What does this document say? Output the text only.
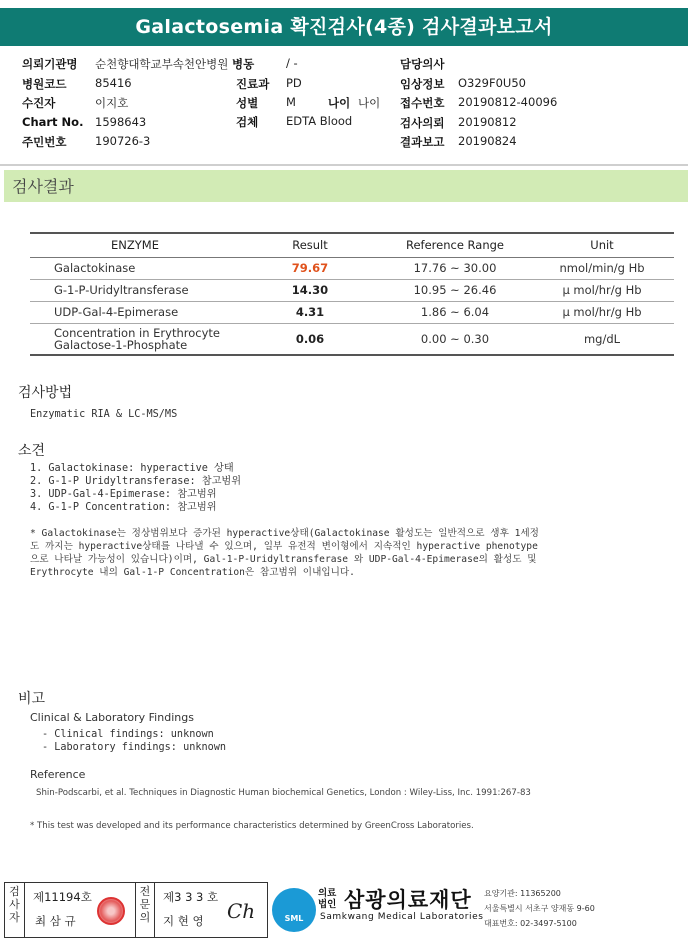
Galactosemia 확진검사(4종) 검사결과보고서
의뢰기관명 순천향대학교부속천안병원 병동	/ -	담당의사
병원코드 85416	진료과 PD	임상정보 O329F0U50
수진자	이지호	성별 M	나이 나이 접수번호 20190812-40096
Chart No. 1598643	검체 EDTA Blood	검사의뢰 20190812
주민번호 190726-3	결과보고 20190824
검사결과
ENZYME	Result	Reference Range	Unit
Galactokinase	79.67	17.76 ~ 30.00	nmol/min/g Hb
G-1-P-Uridyltransferase	14.30	10.95 ~ 26.46	μ mol/hr/g Hb
UDP-Gal-4-Epimerase	4.31	1.86 ~ 6.04	μ mol/hr/g Hb

Concentration in Erythrocyte
Galactose-1-Phosphate	0.06	0.00 ~ 0.30	mg/dL
검사방법
Enzymatic RIA & LC-MS/MS
소견
1. Galactokinase: hyperactive 상태
2. G-1-P Uridyltransferase: 참고범위
3. UDP-Gal-4-Epimerase: 참고범위
4. G-1-P Concentration: 참고범위
* Galactokinase는 정상범위보다 증가된 hyperactive상태(Galactokinase 활성도는 일반적으로 생후 1세정
도 까지는 hyperactive상태를 나타낼 수 있으며, 일부 유전적 변이형에서 지속적인 hyperactive phenotype
으로 나타날 가능성이 있습니다)이며, Gal-1-P-Uridyltransferase 와 UDP-Gal-4-Epimerase의 활성도 및
Erythrocyte 내의 Gal-1-P Concentration은 참고범위 이내입니다.
비고
Clinical & Laboratory Findings
- Clinical findings: unknown
- Laboratory findings: unknown
Reference
Shin-Podscarbi, et al. Techniques in Diagnostic Human biochemical Genetics, London : Wiley-Liss, Inc. 1991:267-83
* This test was developed and its performance characteristics determined by GreenCross Laboratories.
검사자
제11194호
최 삼 규
전문의
제3 3 3 호
지 현 영 Ch	SML
의료
법인 삼광의료재단
Samkwang Medical Laboratories
요양기관: 11365200
서울특별시 서초구 양재동 9-60
대표번호: 02-3497-5100
